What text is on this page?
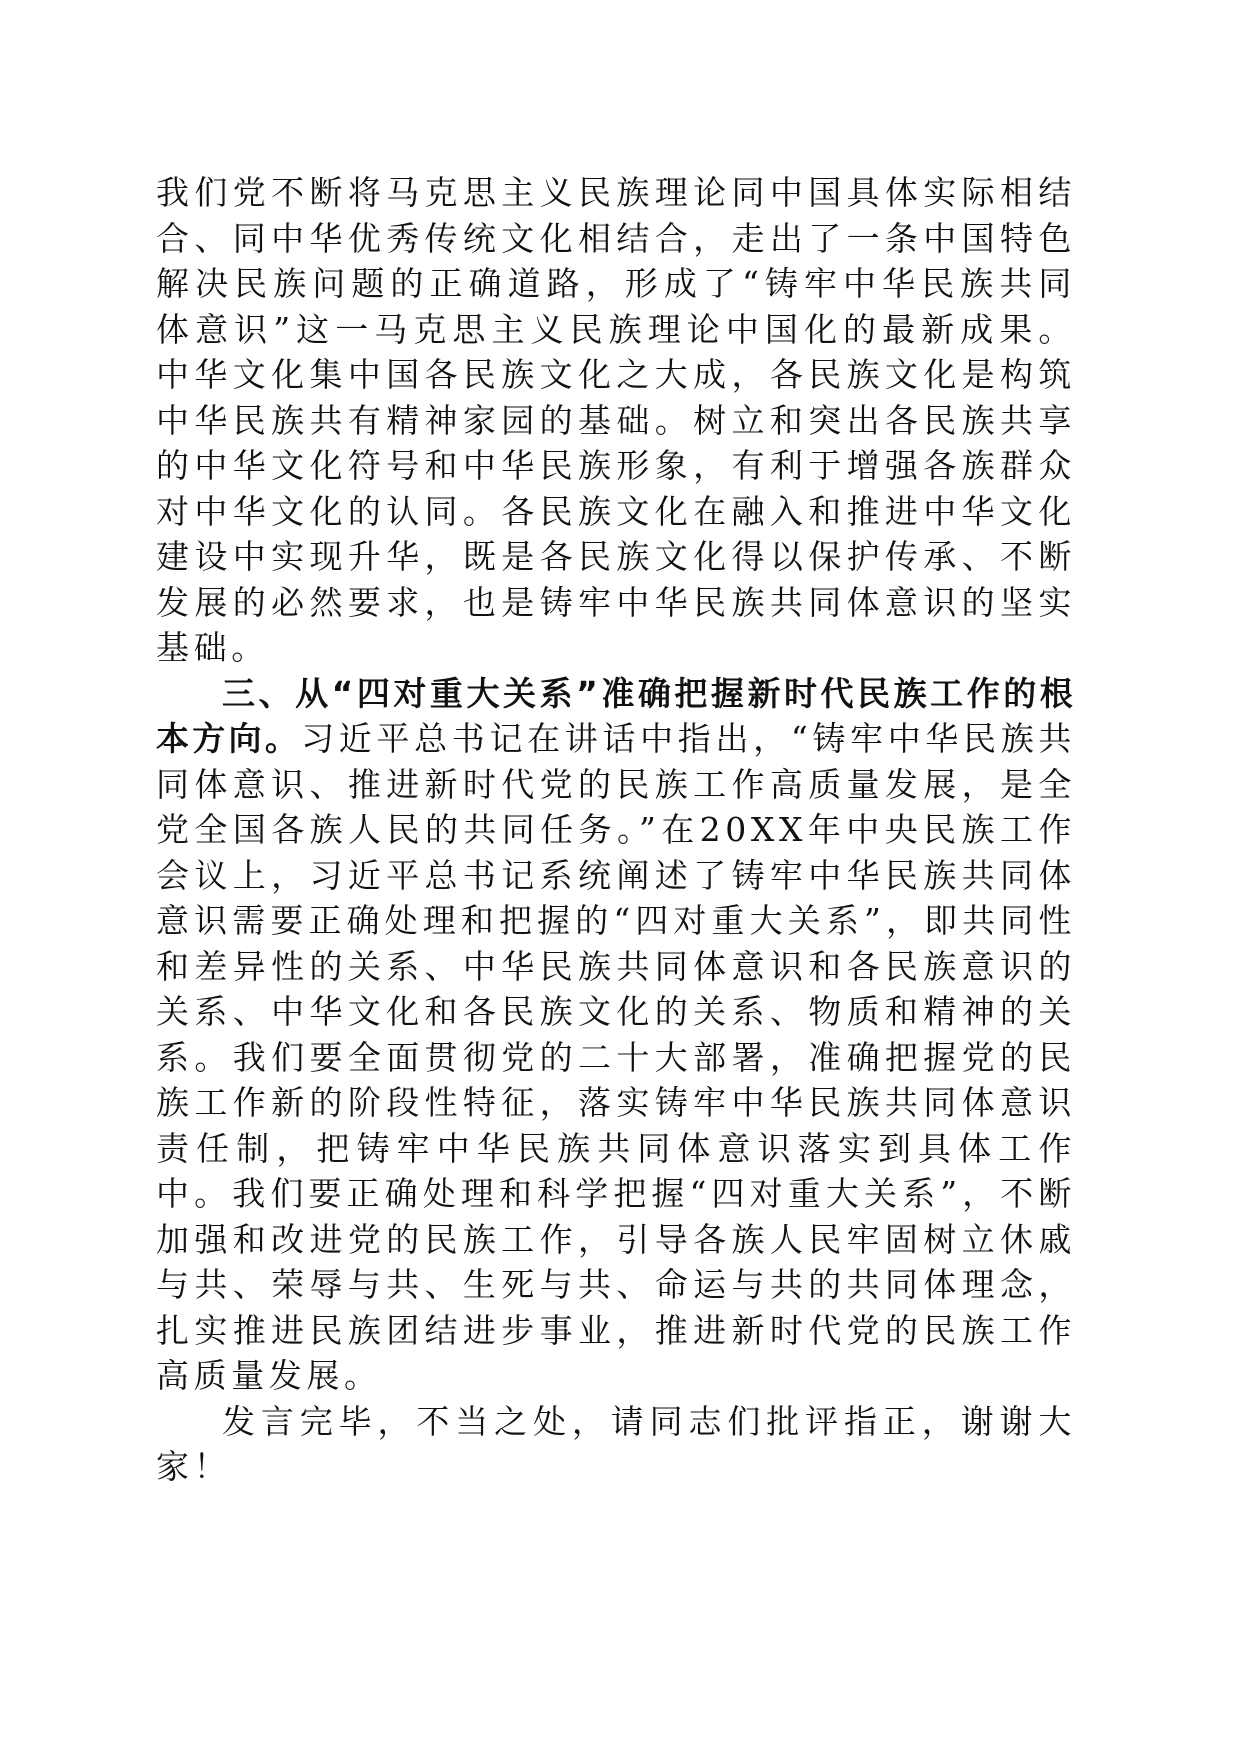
我们党不断将马克思主义民族理论同中国具体实际相结合、同中华优秀传统文化相结合，走出了一条中国特色解决民族问题的正确道路，形成了“铸牢中华民族共同体意识”这一马克思主义民族理论中国化的最新成果。中华文化集中国各民族文化之大成，各民族文化是构筑中华民族共有精神家园的基础。树立和突出各民族共享的中华文化符号和中华民族形象，有利于增强各族群众对中华文化的认同。各民族文化在融入和推进中华文化建设中实现升华，既是各民族文化得以保护传承、不断发展的必然要求，也是铸牢中华民族共同体意识的坚实基础。

三、从“四对重大关系”准确把握新时代民族工作的根本方向。习近平总书记在讲话中指出，“铸牢中华民族共同体意识、推进新时代党的民族工作高质量发展，是全党全国各族人民的共同任务。”在20XX年中央民族工作会议上，习近平总书记系统阐述了铸牢中华民族共同体意识需要正确处理和把握的“四对重大关系”，即共同性和差异性的关系、中华民族共同体意识和各民族意识的关系、中华文化和各民族文化的关系、物质和精神的关系。我们要全面贯彻党的二十大部署，准确把握党的民族工作新的阶段性特征，落实铸牢中华民族共同体意识责任制，把铸牢中华民族共同体意识落实到具体工作中。我们要正确处理和科学把握“四对重大关系”，不断加强和改进党的民族工作，引导各族人民牢固树立休戚与共、荣辱与共、生死与共、命运与共的共同体理念，扎实推进民族团结进步事业，推进新时代党的民族工作高质量发展。

发言完毕，不当之处，请同志们批评指正，谢谢大家！
